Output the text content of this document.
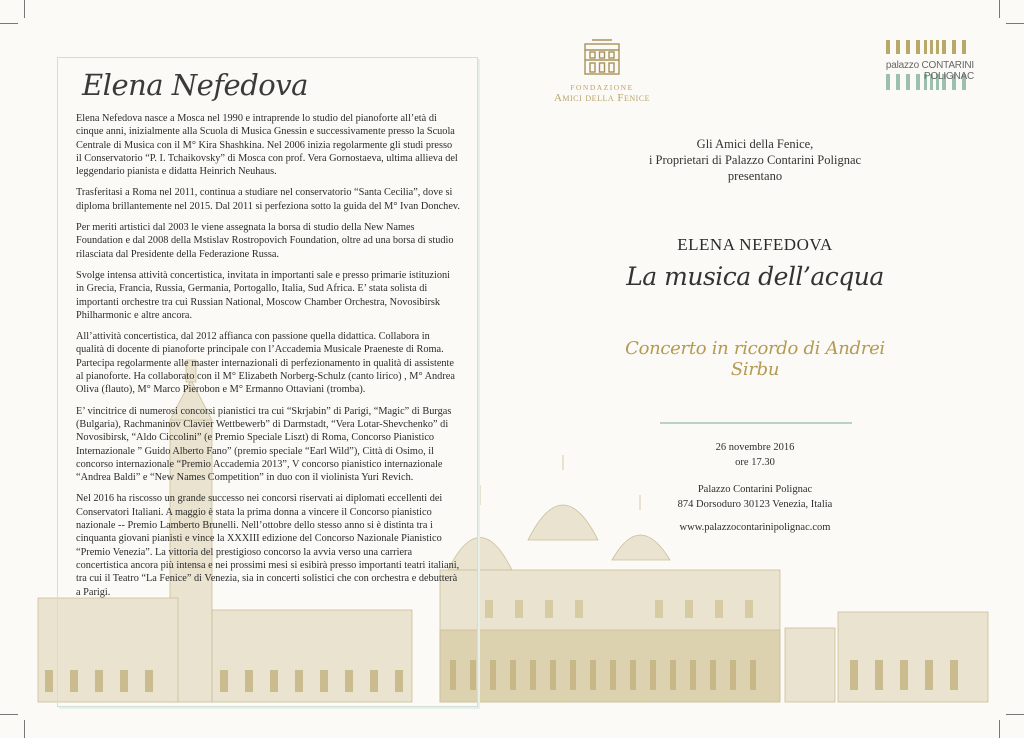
Elena Nefedova

Elena Nefedova nasce a Mosca nel 1990 e intraprende lo studio del pianoforte all’età di cinque anni, inizialmente alla Scuola di Musica Gnessin e successivamente presso la Scuola Centrale di Musica con il M° Kira Shashkina. Nel 2006 inizia regolarmente gli studi presso il Conservatorio “P. I. Tchaikovsky” di Mosca con prof. Vera Gornostaeva, ultima allieva del leggendario pianista e didatta Heinrich Neuhaus.

Trasferitasi a Roma nel 2011, continua a studiare nel conservatorio “Santa Cecilia”, dove si diploma brillantemente nel 2015. Dal 2011 si perfeziona sotto la guida del M° Ivan Donchev.

Per meriti artistici dal 2003 le viene assegnata la borsa di studio della New Names Foundation e dal 2008 della Mstislav Rostropovich Foundation, oltre ad una borsa di studio rilasciata dal Presidente della Federazione Russa.

Svolge intensa attività concertistica, invitata in importanti sale e presso primarie istituzioni in Grecia, Francia, Russia, Germania, Portogallo, Italia, Sud Africa. E’ stata solista di importanti orchestre tra cui Russian National, Moscow Chamber Orchestra, Novosibirsk Philharmonic e altre ancora.

All’attività concertistica, dal 2012 affianca con passione quella didattica. Collabora in qualità di docente di pianoforte principale con l’Accademia Musicale Praeneste di Roma. Partecipa regolarmente alle master internazionali di perfezionamento in qualità di assistente al pianoforte. Ha collaborato con il M° Elizabeth Norberg-Schulz (canto lirico) , M° Andrea Oliva (flauto), M° Marco Pierobon e M° Ermanno Ottaviani (tromba).

E’ vincitrice di numerosi concorsi pianistici tra cui “Skrjabin” di Parigi, “Magic” di Burgas (Bulgaria), Rachmaninov Clavier Wettbewerb” di Darmstadt, “Vera Lotar-Shevchenko” di Novosibirsk, “Aldo Ciccolini” (e Premio Speciale Liszt) di Roma, Concorso Pianistico Internazionale ” Guido Alberto Fano” (premio speciale “Earl Wild”), Città di Osimo, il concorso internazionale “Premio Accademia 2013”, V concorso pianistico internazionale “Andrea Baldi” e “New Names Competition” in duo con il violinista Yuri Revich.

Nel 2016 ha riscosso un grande successo nei concorsi riservati ai diplomati eccellenti dei Conservatori Italiani. A maggio è stata la prima donna a vincere il Concorso pianistico nazionale -- Premio Lamberto Brunelli. Nell’ottobre dello stesso anno si è distinta tra i cinquanta giovani pianisti e vince la XXXIII edizione del Concorso Nazionale Pianistico “Premio Venezia”. La vittoria del prestigioso concorso la avvia verso una carriera concertistica ancora più intensa e nei prossimi mesi si esibirà presso importanti teatri italiani, tra cui il Teatro “La Fenice” di Venezia, sia in concerti solistici che con orchestra e debutterà a Parigi.

FONDAZIONE
Amici della Fenice
palazzo CONTARINI POLIGNAC
Gli Amici della Fenice,
i Proprietari di Palazzo Contarini Polignac
presentano
ELENA NEFEDOVA
La musica dell’acqua
Concerto in ricordo di Andrei Sirbu
26 novembre 2016
ore 17.30
Palazzo Contarini Polignac
874 Dorsoduro 30123 Venezia, Italia
www.palazzocontarinipolignac.com
